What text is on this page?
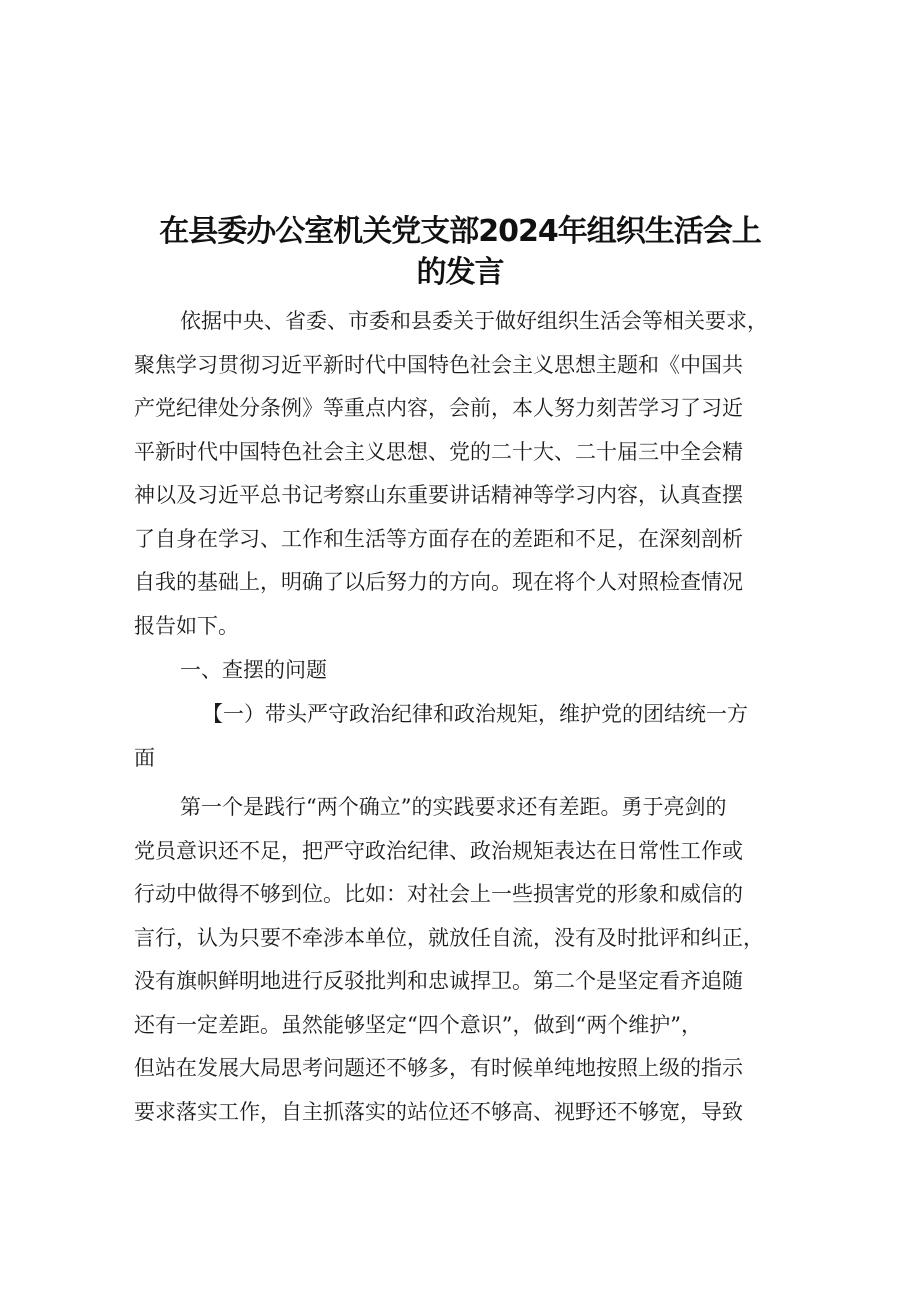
在县委办公室机关党支部2024年组织生活会上
的发言

依据中央、省委、市委和县委关于做好组织生活会等相关要求，

聚焦学习贯彻习近平新时代中国特色社会主义思想主题和《中国共

产党纪律处分条例》等重点内容，会前，本人努力刻苦学习了习近

平新时代中国特色社会主义思想、党的二十大、二十届三中全会精

神以及习近平总书记考察山东重要讲话精神等学习内容，认真查摆

了自身在学习、工作和生活等方面存在的差距和不足，在深刻剖析

自我的基础上，明确了以后努力的方向。现在将个人对照检查情况

报告如下。

一、查摆的问题

【一）带头严守政治纪律和政治规矩，维护党的团结统一方

面

第一个是践行“两个确立”的实践要求还有差距。勇于亮剑的

党员意识还不足，把严守政治纪律、政治规矩表达在日常性工作或

行动中做得不够到位。比如：对社会上一些损害党的形象和威信的

言行，认为只要不牵涉本单位，就放任自流，没有及时批评和纠正，

没有旗帜鲜明地进行反驳批判和忠诚捍卫。第二个是坚定看齐追随

还有一定差距。虽然能够坚定“四个意识”，做到“两个维护”，

但站在发展大局思考问题还不够多，有时候单纯地按照上级的指示

要求落实工作，自主抓落实的站位还不够高、视野还不够宽，导致
